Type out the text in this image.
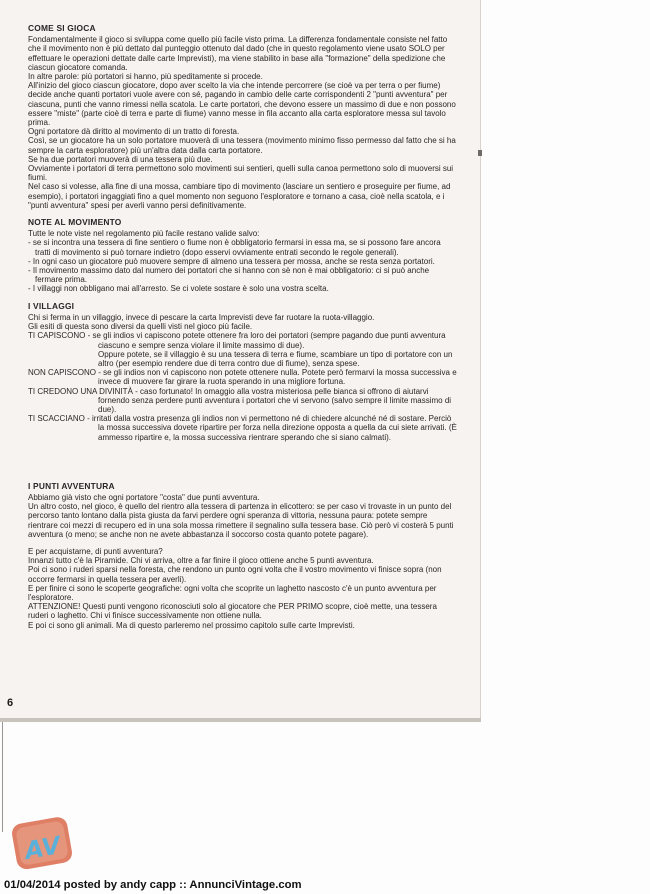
COME SI GIOCA

Fondamentalmente il gioco si sviluppa come quello più facile visto prima. La differenza fondamentale consiste nel fatto che il movimento non è più dettato dal punteggio ottenuto dal dado (che in questo regolamento viene usato SOLO per effettuare le operazioni dettate dalle carte Imprevisti), ma viene stabilito in base alla "formazione" della spedizione che ciascun giocatore comanda.

In altre parole: più portatori si hanno, più speditamente si procede.

All'inizio del gioco ciascun giocatore, dopo aver scelto la via che intende percorrere (se cioè va per terra o per fiume) decide anche quanti portatori vuole avere con sé, pagando in cambio delle carte corrispondenti 2 "punti avventura" per ciascuna, punti che vanno rimessi nella scatola. Le carte portatori, che devono essere un massimo di due e non possono essere "miste" (parte cioè di terra e parte di fiume) vanno messe in fila accanto alla carta esploratore messa sul tavolo prima.

Ogni portatore dà diritto al movimento di un tratto di foresta.

Così, se un giocatore ha un solo portatore muoverà di una tessera (movimento minimo fisso permesso dal fatto che si ha sempre la carta esploratore) più un'altra data dalla carta portatore.

Se ha due portatori muoverà di una tessera più due.

Ovviamente i portatori di terra permettono solo movimenti sui sentieri, quelli sulla canoa permettono solo di muoversi sui fiumi.

Nel caso si volesse, alla fine di una mossa, cambiare tipo di movimento (lasciare un sentiero e proseguire per fiume, ad esempio), i portatori ingaggiati fino a quel momento non seguono l'esploratore e tornano a casa, cioè nella scatola, e i "punti avventura" spesi per averli vanno persi definitivamente.

NOTE AL MOVIMENTO

Tutte le note viste nel regolamento più facile restano valide salvo:

- se si incontra una tessera di fine sentiero o fiume non è obbligatorio fermarsi in essa ma, se si possono fare ancora tratti di movimento si può tornare indietro (dopo esservi ovviamente entrati secondo le regole generali).

- In ogni caso un giocatore può muovere sempre di almeno una tessera per mossa, anche se resta senza portatori.

- Il movimento massimo dato dal numero dei portatori che si hanno con sè non è mai obbligatorio: ci si può anche fermare prima.

- I villaggi non obbligano mai all'arresto. Se ci volete sostare è solo una vostra scelta.

I VILLAGGI

Chi si ferma in un villaggio, invece di pescare la carta Imprevisti deve far ruotare la ruota-villaggio.

Gli esiti di questa sono diversi da quelli visti nel gioco più facile.

TI CAPISCONO - se gli indios vi capiscono potete ottenere fra loro dei portatori (sempre pagando due punti avventura ciascuno e sempre senza violare il limite massimo di due).

Oppure potete, se il villaggio è su una tessera di terra e fiume, scambiare un tipo di portatore con un altro (per esempio rendere due di terra contro due di fiume), senza spese.

NON CAPISCONO - se gli indios non vi capiscono non potete ottenere nulla. Potete però fermarvi la mossa successiva e invece di muovere far girare la ruota sperando in una migliore fortuna.

TI CREDONO UNA DIVINITÀ - caso fortunato! In omaggio alla vostra misteriosa pelle bianca si offrono di aiutarvi fornendo senza perdere punti avventura i portatori che vi servono (salvo sempre il limite massimo di due).

TI SCACCIANO - irritati dalla vostra presenza gli indios non vi permettono né di chiedere alcunché né di sostare. Perciò la mossa successiva dovete ripartire per forza nella direzione opposta a quella da cui siete arrivati. (È ammesso ripartire e, la mossa successiva rientrare sperando che si siano calmati).

I PUNTI AVVENTURA

Abbiamo già visto che ogni portatore "costa" due punti avventura.

Un altro costo, nel gioco, è quello del rientro alla tessera di partenza in elicottero: se per caso vi trovaste in un punto del percorso tanto lontano dalla pista giusta da farvi perdere ogni speranza di vittoria, nessuna paura: potete sempre rientrare coi mezzi di recupero ed in una sola mossa rimettere il segnalino sulla tessera base. Ciò però vi costerà 5 punti avventura (o meno; se anche non ne avete abbastanza il soccorso costa quanto potete pagare).

E per acquistarne, di punti avventura?

Innanzi tutto c'è la Piramide. Chi vi arriva, oltre a far finire il gioco ottiene anche 5 punti avventura.

Poi ci sono i ruderi sparsi nella foresta, che rendono un punto ogni volta che il vostro movimento vi finisce sopra (non occorre fermarsi in quella tessera per averli).

E per finire ci sono le scoperte geografiche: ogni volta che scoprite un laghetto nascosto c'è un punto avventura per l'esploratore.

ATTENZIONE! Questi punti vengono riconosciuti solo al giocatore che PER PRIMO scopre, cioè mette, una tessera ruderi o laghetto. Chi vi finisce successivamente non ottiene nulla.

E poi ci sono gli animali. Ma di questo parleremo nel prossimo capitolo sulle carte Imprevisti.

6
AV
01/04/2014 posted by andy capp :: AnnunciVintage.com
